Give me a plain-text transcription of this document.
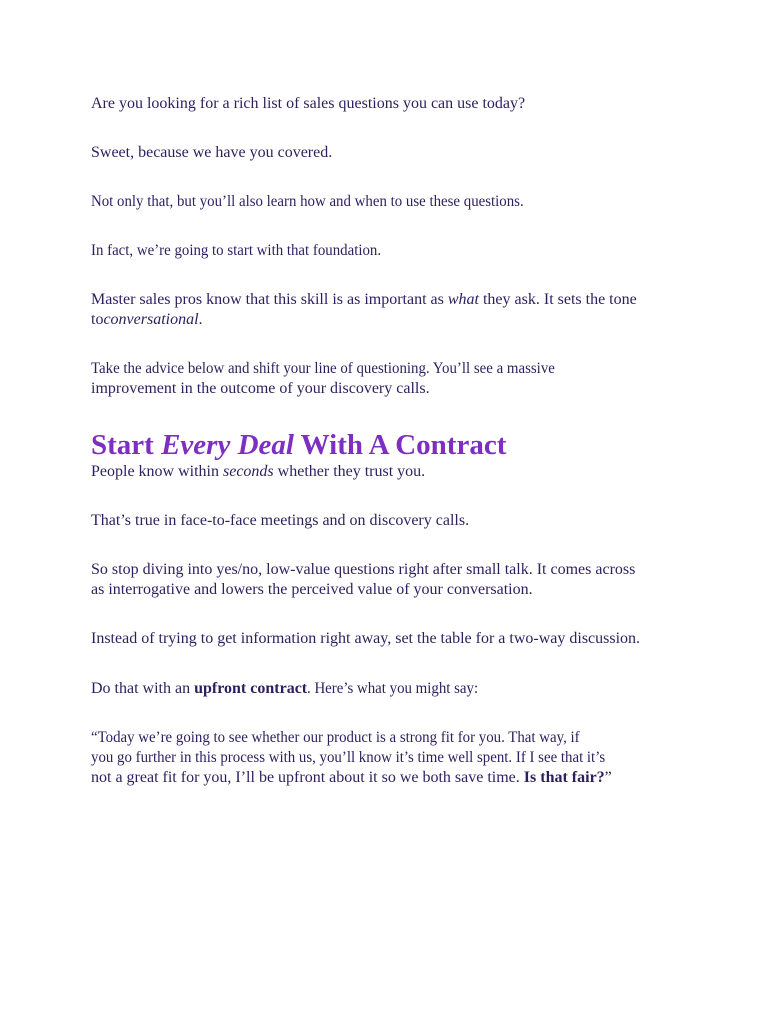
Are you looking for a rich list of sales questions you can use today?

Sweet, because we have you covered.

Not only that, but you’ll also learn how and when to use these questions.

In fact, we’re going to start with that foundation.

Master sales pros know that this skill is as important as what they ask. It sets the tone
toconversational.

Take the advice below and shift your line of questioning. You’ll see a massive
improvement in the outcome of your discovery calls.

Start Every Deal With A Contract

People know within seconds whether they trust you.

That’s true in face-to-face meetings and on discovery calls.

So stop diving into yes/no, low-value questions right after small talk. It comes across
as interrogative and lowers the perceived value of your conversation.

Instead of trying to get information right away, set the table for a two-way discussion.

Do that with an upfront contract. Here’s what you might say:

“Today we’re going to see whether our product is a strong fit for you. That way, if
you go further in this process with us, you’ll know it’s time well spent. If I see that it’s
not a great fit for you, I’ll be upfront about it so we both save time. Is that fair?”
